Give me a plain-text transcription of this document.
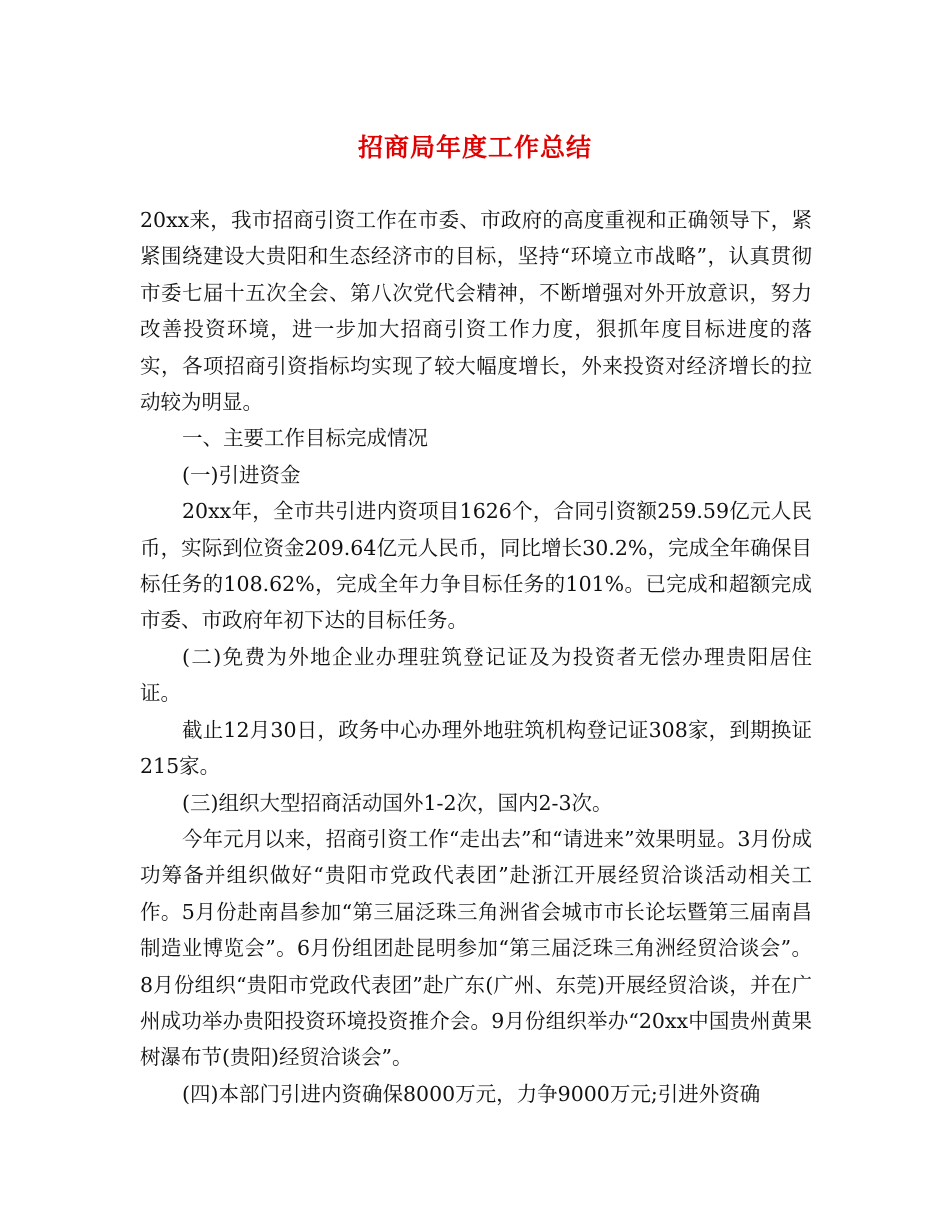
招商局年度工作总结

20xx来，我市招商引资工作在市委、市政府的高度重视和正确领导下，紧紧围绕建设大贵阳和生态经济市的目标，坚持“环境立市战略”，认真贯彻市委七届十五次全会、第八次党代会精神，不断增强对外开放意识，努力改善投资环境，进一步加大招商引资工作力度，狠抓年度目标进度的落实，各项招商引资指标均实现了较大幅度增长，外来投资对经济增长的拉动较为明显。

一、主要工作目标完成情况

(一)引进资金

20xx年，全市共引进内资项目1626个，合同引资额259.59亿元人民币，实际到位资金209.64亿元人民币，同比增长30.2%，完成全年确保目标任务的108.62%，完成全年力争目标任务的101%。已完成和超额完成市委、市政府年初下达的目标任务。

(二)免费为外地企业办理驻筑登记证及为投资者无偿办理贵阳居住证。

截止12月30日，政务中心办理外地驻筑机构登记证308家，到期换证215家。

(三)组织大型招商活动国外1-2次，国内2-3次。

今年元月以来，招商引资工作“走出去”和“请进来”效果明显。3月份成功筹备并组织做好“贵阳市党政代表团”赴浙江开展经贸洽谈活动相关工作。5月份赴南昌参加“第三届泛珠三角洲省会城市市长论坛暨第三届南昌制造业博览会”。6月份组团赴昆明参加“第三届泛珠三角洲经贸洽谈会”。8月份组织“贵阳市党政代表团”赴广东(广州、东莞)开展经贸洽谈，并在广州成功举办贵阳投资环境投资推介会。9月份组织举办“20xx中国贵州黄果树瀑布节(贵阳)经贸洽谈会”。

(四)本部门引进内资确保8000万元，力争9000万元;引进外资确
